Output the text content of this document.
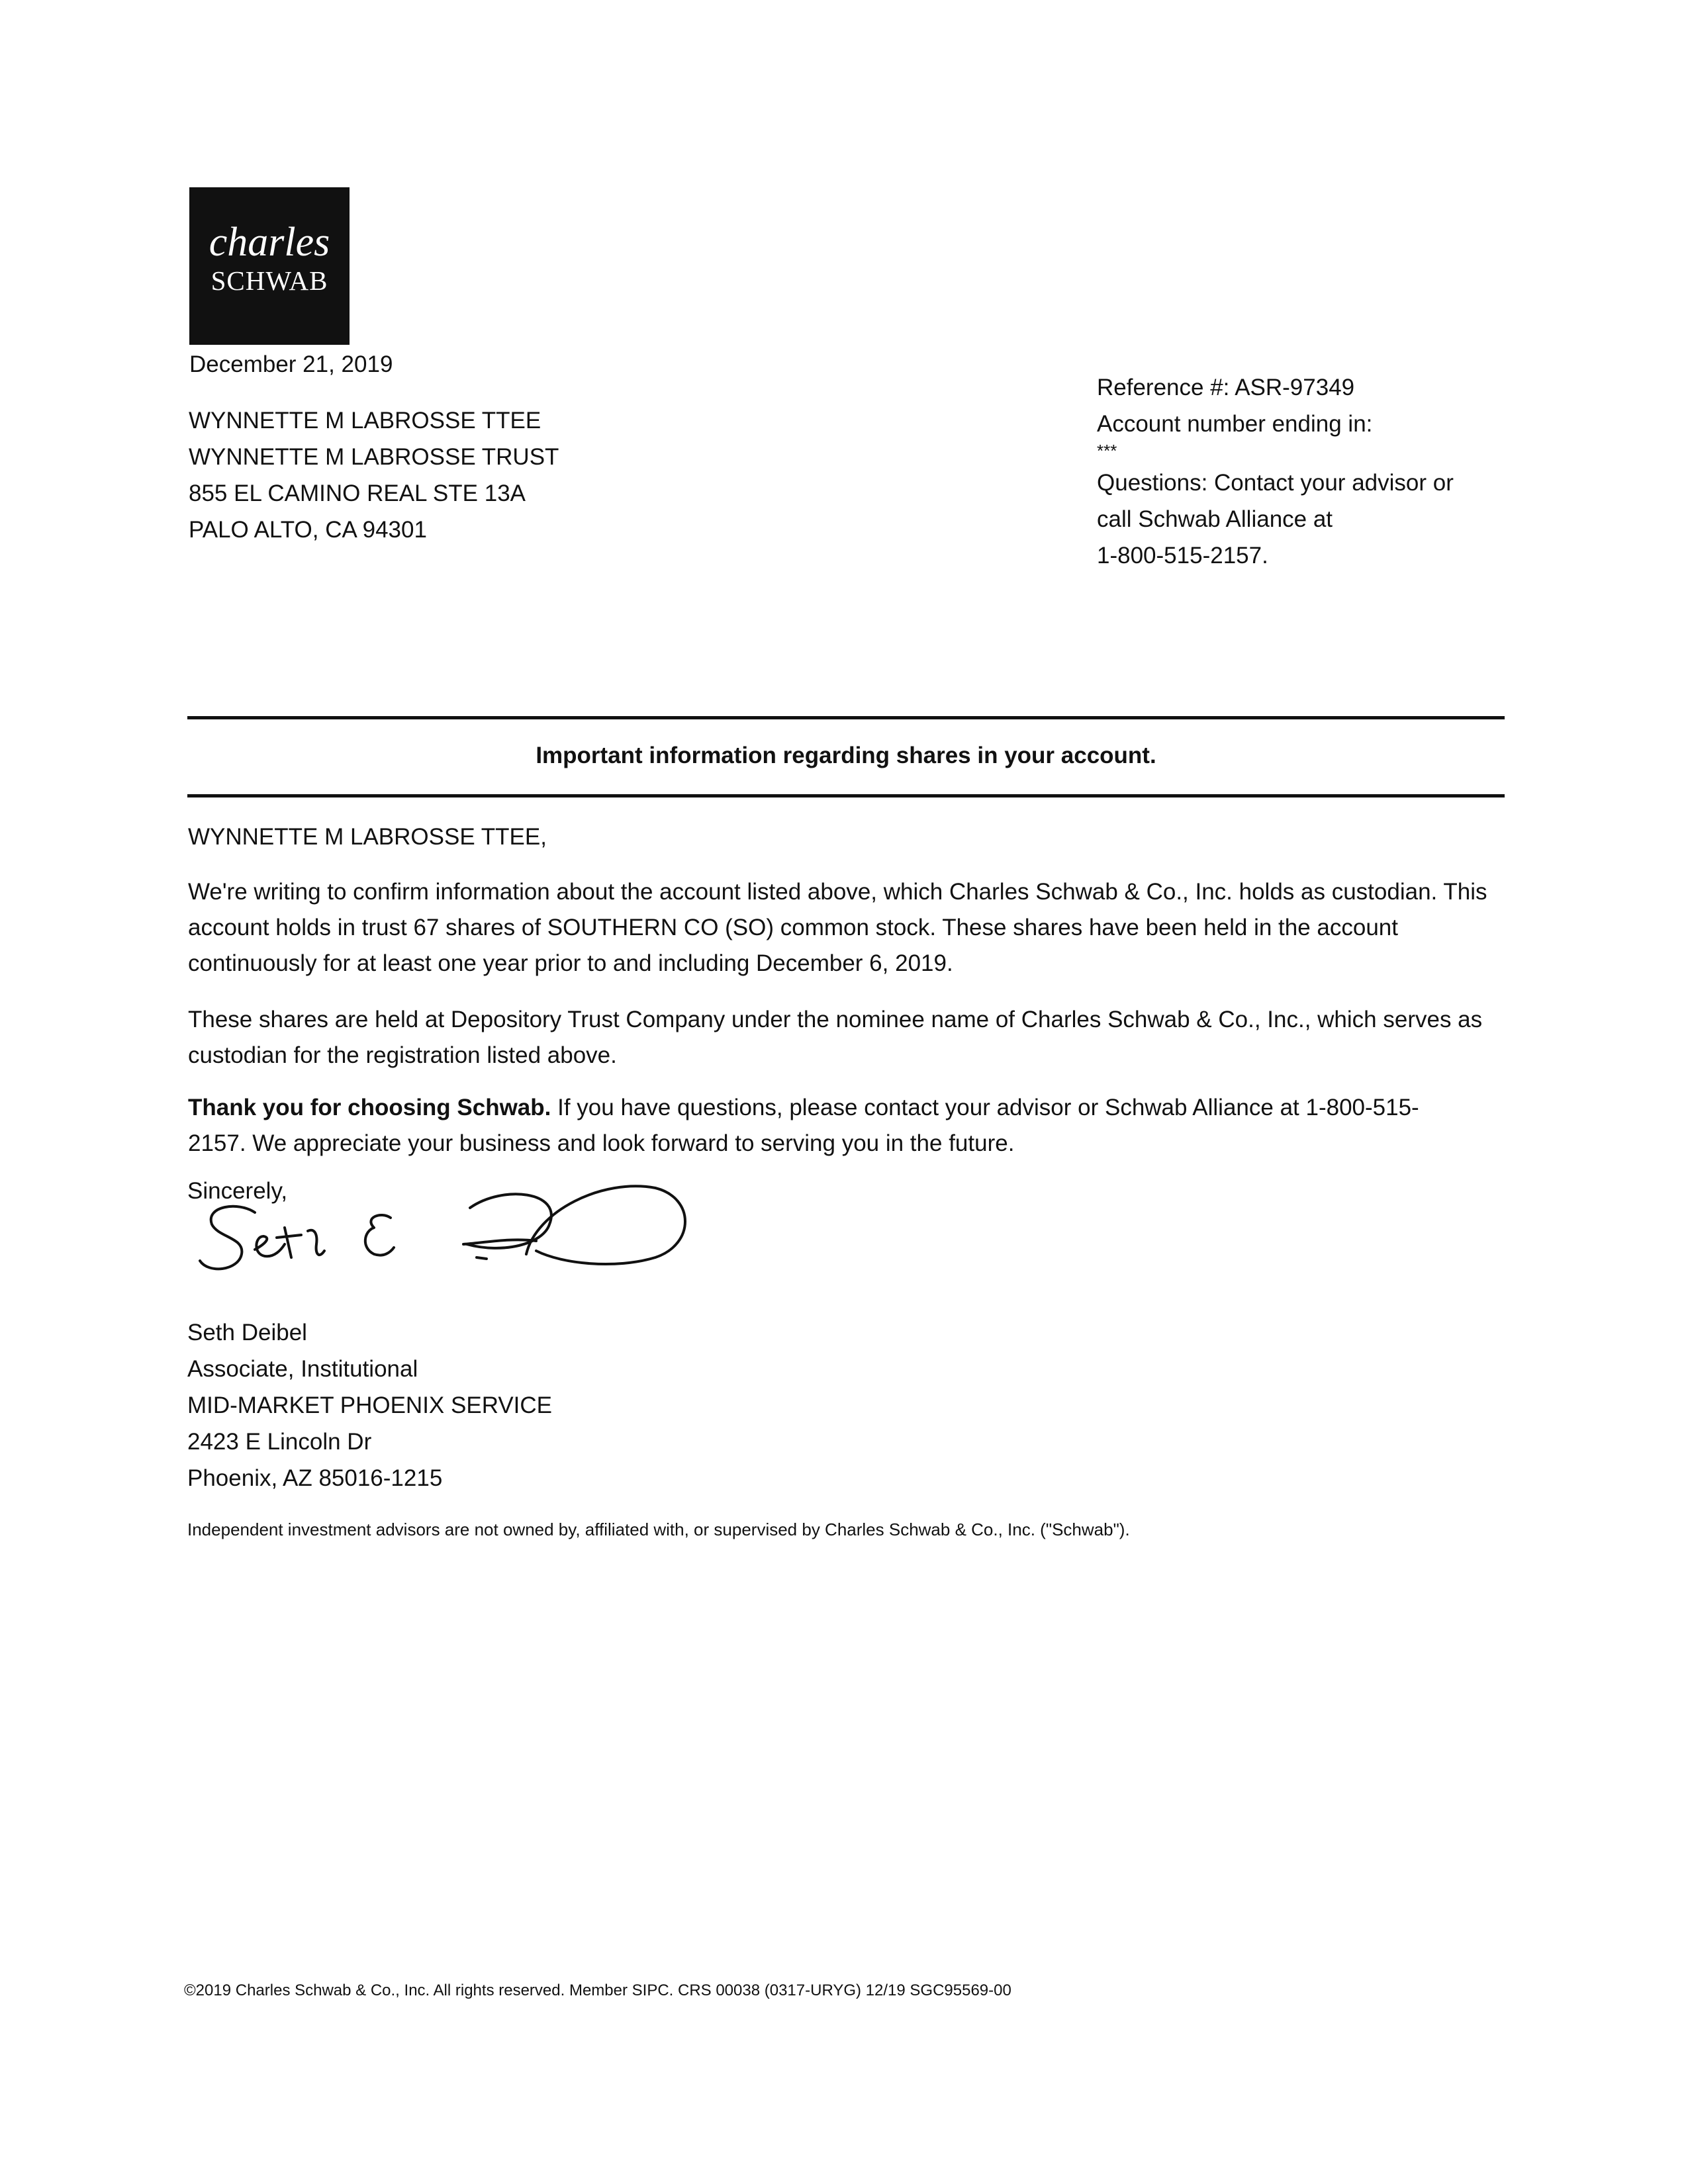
charles
SCHWAB
December 21, 2019
WYNNETTE M LABROSSE TTEE
WYNNETTE M LABROSSE TRUST
855 EL CAMINO REAL STE 13A
PALO ALTO, CA 94301
Reference #: ASR-97349
Account number ending in:
***
Questions: Contact your advisor or
call Schwab Alliance at
1-800-515-2157.
Important information regarding shares in your account.
WYNNETTE M LABROSSE TTEE,
We're writing to confirm information about the account listed above, which Charles Schwab & Co., Inc. holds as custodian. This account holds in trust 67 shares of SOUTHERN CO (SO) common stock. These shares have been held in the account continuously for at least one year prior to and including December 6, 2019.
These shares are held at Depository Trust Company under the nominee name of Charles Schwab & Co., Inc., which serves as custodian for the registration listed above.
Thank you for choosing Schwab. If you have questions, please contact your advisor or Schwab Alliance at 1-800-515-2157. We appreciate your business and look forward to serving you in the future.
Sincerely,
Seth Deibel
Associate, Institutional
MID-MARKET PHOENIX SERVICE
2423 E Lincoln Dr
Phoenix, AZ 85016-1215
Independent investment advisors are not owned by, affiliated with, or supervised by Charles Schwab & Co., Inc. ("Schwab").
©2019 Charles Schwab & Co., Inc. All rights reserved. Member SIPC. CRS 00038 (0317-URYG) 12/19 SGC95569-00
